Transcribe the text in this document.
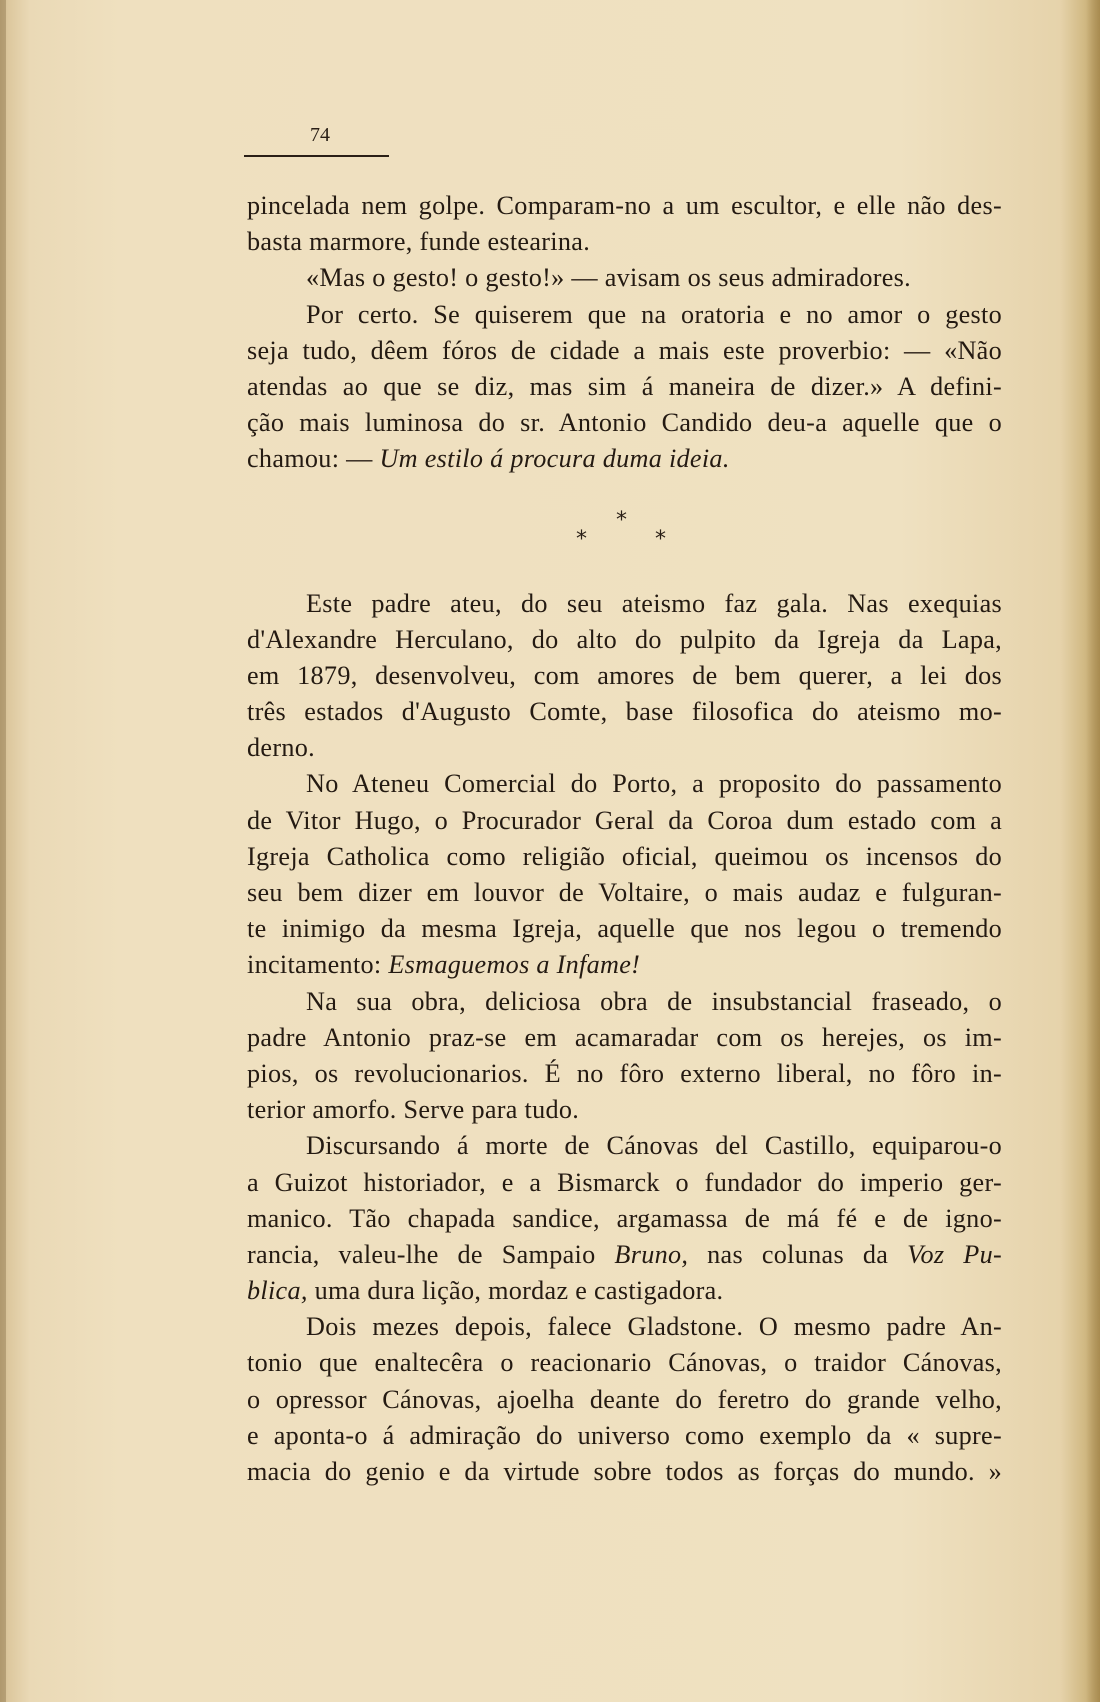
74
pincelada nem golpe. Comparam-no a um escultor, e elle não des-
basta marmore, funde estearina.
«Mas o gesto! o gesto!» — avisam os seus admiradores.
Por certo. Se quiserem que na oratoria e no amor o gesto
seja tudo, dêem fóros de cidade a mais este proverbio: — «Não
atendas ao que se diz, mas sim á maneira de dizer.» A defini-
ção mais luminosa do sr. Antonio Candido deu-a aquelle que o
chamou: — Um estilo á procura duma ideia.
*
*	*
Este padre ateu, do seu ateismo faz gala. Nas exequias
d'Alexandre Herculano, do alto do pulpito da Igreja da Lapa,
em 1879, desenvolveu, com amores de bem querer, a lei dos
três estados d'Augusto Comte, base filosofica do ateismo mo-
derno.
No Ateneu Comercial do Porto, a proposito do passamento
de Vitor Hugo, o Procurador Geral da Coroa dum estado com a
Igreja Catholica como religião oficial, queimou os incensos do
seu bem dizer em louvor de Voltaire, o mais audaz e fulguran-
te inimigo da mesma Igreja, aquelle que nos legou o tremendo
incitamento: Esmaguemos a Infame!
Na sua obra, deliciosa obra de insubstancial fraseado, o
padre Antonio praz-se em acamaradar com os herejes, os im-
pios, os revolucionarios. É no fôro externo liberal, no fôro in-
terior amorfo. Serve para tudo.
Discursando á morte de Cánovas del Castillo, equiparou-o
a Guizot historiador, e a Bismarck o fundador do imperio ger-
manico. Tão chapada sandice, argamassa de má fé e de igno-
rancia, valeu-lhe de Sampaio Bruno, nas colunas da Voz Pu-
blica, uma dura lição, mordaz e castigadora.
Dois mezes depois, falece Gladstone. O mesmo padre An-
tonio que enaltecêra o reacionario Cánovas, o traidor Cánovas,
o opressor Cánovas, ajoelha deante do feretro do grande velho,
e aponta-o á admiração do universo como exemplo da « supre-
macia do genio e da virtude sobre todos as forças do mundo. »
